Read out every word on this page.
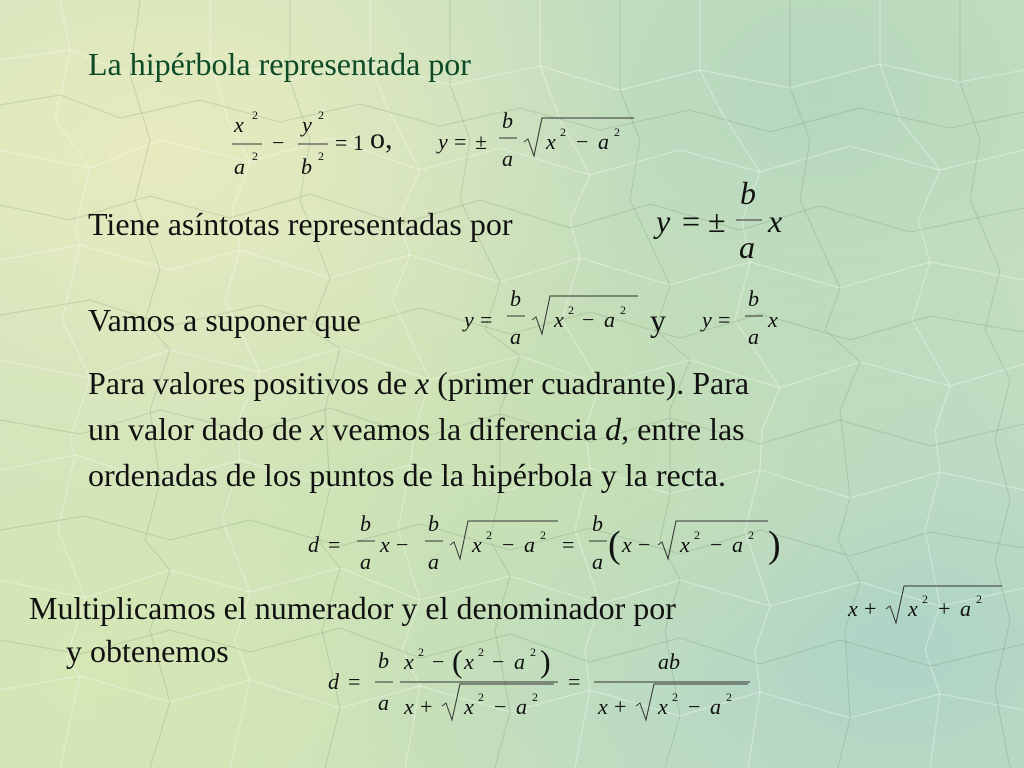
La hipérbola representada por

x 2
a 2
−
y 2
b 2
= 1 o, y = ±
b
a
x 2 − a 2

Tiene asíntotas representadas por	y = ±
b
a
x

Vamos a suponer que	y =
b
a
x 2 − a 2 y y =
b
a
x
Para valores positivos de x (primer cuadrante). Para
un valor dado de x veamos la diferencia d, entre las
ordenadas de los puntos de la hipérbola y la recta.
d =
b
a
x −
b
a
x 2 − a 2 =
b
a ( x − x 2 − a 2 )

Multiplicamos el numerador y el denominador por	x + x 2 + a 2

y obtenemos

d =
b
a
x 2 − ( x 2 − a 2 )
x + x 2 − a 2
=
ab
x + x 2 − a 2
